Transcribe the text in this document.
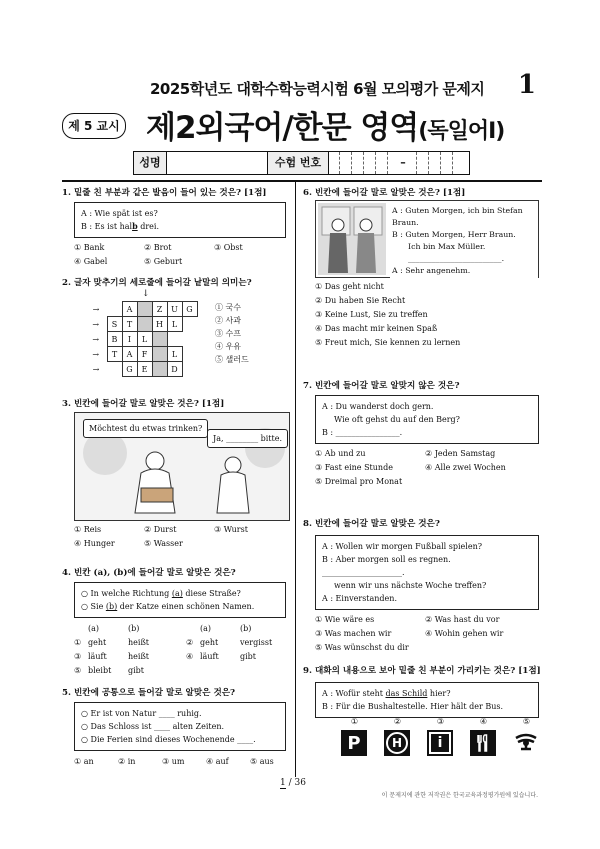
2025학년도 대학수학능력시험 6월 모의평가 문제지 1
제 5 교시 제2외국어/한문 영역(독일어Ⅰ)
성명	수험 번호	–
1. 밑줄 친 부분과 같은 발음이 들어 있는 것은? [1점]
A : Wie spät ist es?
B : Es ist halb drei.
① Bank	② Brot	③ Obst
④ Gabel	⑤ Geburt
2. 글자 맞추기의 세로줄에 들어갈 낱말의 의미는?
↓
→		A		Z	U	G
→	S	T		H	L	
→	B	I	L			
→	T	A	F		L	
→		G	E		D	
① 국수
② 사과
③ 수프
④ 우유
⑤ 샐러드
3. 빈칸에 들어갈 말로 알맞은 것은? [1점]
Möchtest du etwas trinken?
Ja, ________ bitte.
① Reis	② Durst	③ Wurst
④ Hunger	⑤ Wasser
4. 빈칸 (a), (b)에 들어갈 말로 알맞은 것은?
○ In welche Richtung (a) diese Straße?
○ Sie (b) der Katze einen schönen Namen.
(a)	(b)	(a)	(b)
① geht	heißt	② geht	vergisst
③ läuft	heißt	④ läuft	gibt
⑤ bleibt	gibt
5. 빈칸에 공통으로 들어갈 말로 알맞은 것은?
○ Er ist von Natur ____ ruhig.
○ Das Schloss ist ____ alten Zeiten.
○ Die Ferien sind dieses Wochenende ____.
① an	② in	③ um	④ auf	⑤ aus
6. 빈칸에 들어갈 말로 알맞은 것은? [1점]
A : Guten Morgen, ich bin Stefan Braun.
B : Guten Morgen, Herr Braun.
Ich bin Max Müller.
________________________.
A : Sehr angenehm.
① Das geht nicht
② Du haben Sie Recht
③ Keine Lust, Sie zu treffen
④ Das macht mir keinen Spaß
⑤ Freut mich, Sie kennen zu lernen
7. 빈칸에 들어갈 말로 알맞지 않은 것은?
A : Du wanderst doch gern.
Wie oft gehst du auf den Berg?
B : ________________.
① Ab und zu	② Jeden Samstag
③ Fast eine Stunde	④ Alle zwei Wochen
⑤ Dreimal pro Monat
8. 빈칸에 들어갈 말로 알맞은 것은?
A : Wollen wir morgen Fußball spielen?
B : Aber morgen soll es regnen. ____________________.
wenn wir uns nächste Woche treffen?
A : Einverstanden.
① Wie wäre es	② Was hast du vor
③ Was machen wir	④ Wohin gehen wir
⑤ Was wünschst du dir
9. 대화의 내용으로 보아 밑줄 친 부분이 가리키는 것은? [1점]
A : Wofür steht das Schild hier?
B : Für die Bushaltestelle. Hier hält der Bus.
①	②	③	④	⑤
P	H	i
1 / 36
이 문제지에 관한 저작권은 한국교육과정평가원에 있습니다.
